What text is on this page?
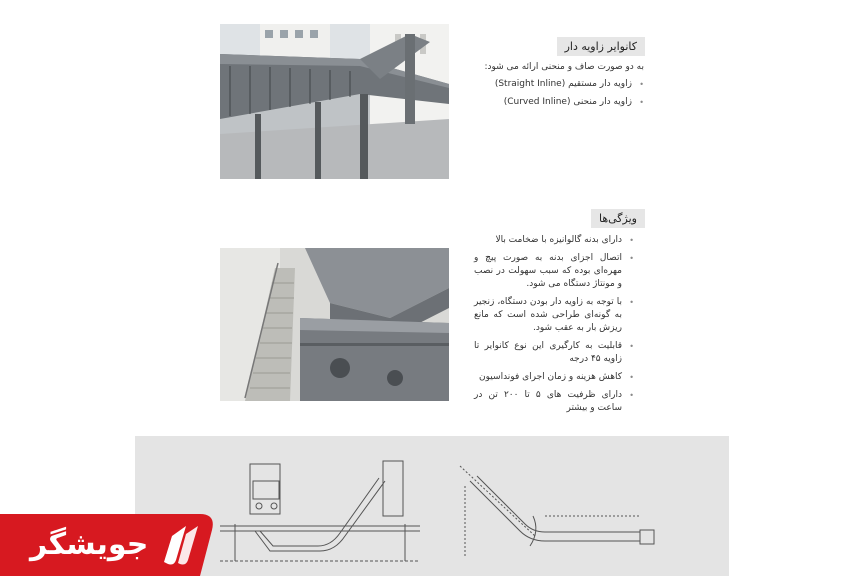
کانوایر زاویه دار
به دو صورت صاف و منحنی ارائه می شود:
• زاویه دار مستقیم (Straight Inline)
• زاویه دار منحنی (Curved Inline)
ویژگی‌ها
• دارای بدنه گالوانیزه با ضخامت بالا
• اتصال اجزای بدنه به صورت پیچ و مهره‌ای بوده که سبب سهولت در نصب و مونتاژ دستگاه می شود.
• با توجه به زاویه دار بودن دستگاه، زنجیر به گونه‌ای طراحی شده است که مانع ریزش بار به عقب شود.
• قابلیت به کارگیری این نوع کانوایر تا زاویه ۴۵ درجه
• کاهش هزینه و زمان اجرای فونداسیون
• دارای ظرفیت های ۵ تا ۲۰۰ تن در ساعت و بیشتر
جویشگر
